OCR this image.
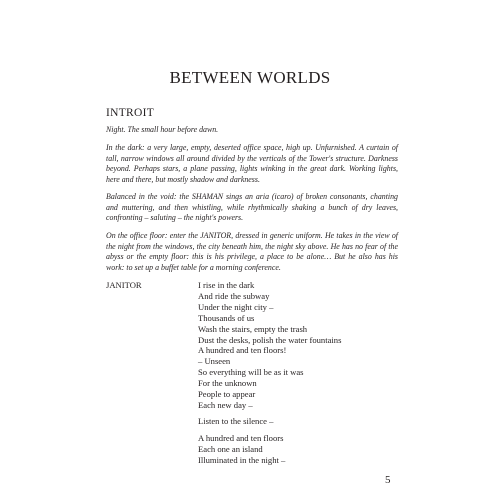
BETWEEN WORLDS
INTROIT
Night. The small hour before dawn.
In the dark: a very large, empty, deserted office space, high up. Unfurnished. A curtain of tall, narrow windows all around divided by the verticals of the Tower's structure. Darkness beyond. Perhaps stars, a plane passing, lights winking in the great dark. Working lights, here and there, but mostly shadow and darkness.
Balanced in the void: the SHAMAN sings an aria (icaro) of broken consonants, chanting and muttering, and then whistling, while rhythmically shaking a bunch of dry leaves, confronting – saluting – the night's powers.
On the office floor: enter the JANITOR, dressed in generic uniform. He takes in the view of the night from the windows, the city beneath him, the night sky above. He has no fear of the abyss or the empty floor: this is his privilege, a place to be alone… But he also has his work: to set up a buffet table for a morning conference.
JANITOR	I rise in the dark
And ride the subway
Under the night city –
Thousands of us
Wash the stairs, empty the trash
Dust the desks, polish the water fountains
A hundred and ten floors!
– Unseen
So everything will be as it was
For the unknown
People to appear
Each new day –
Listen to the silence –
A hundred and ten floors
Each one an island
Illuminated in the night –
5
